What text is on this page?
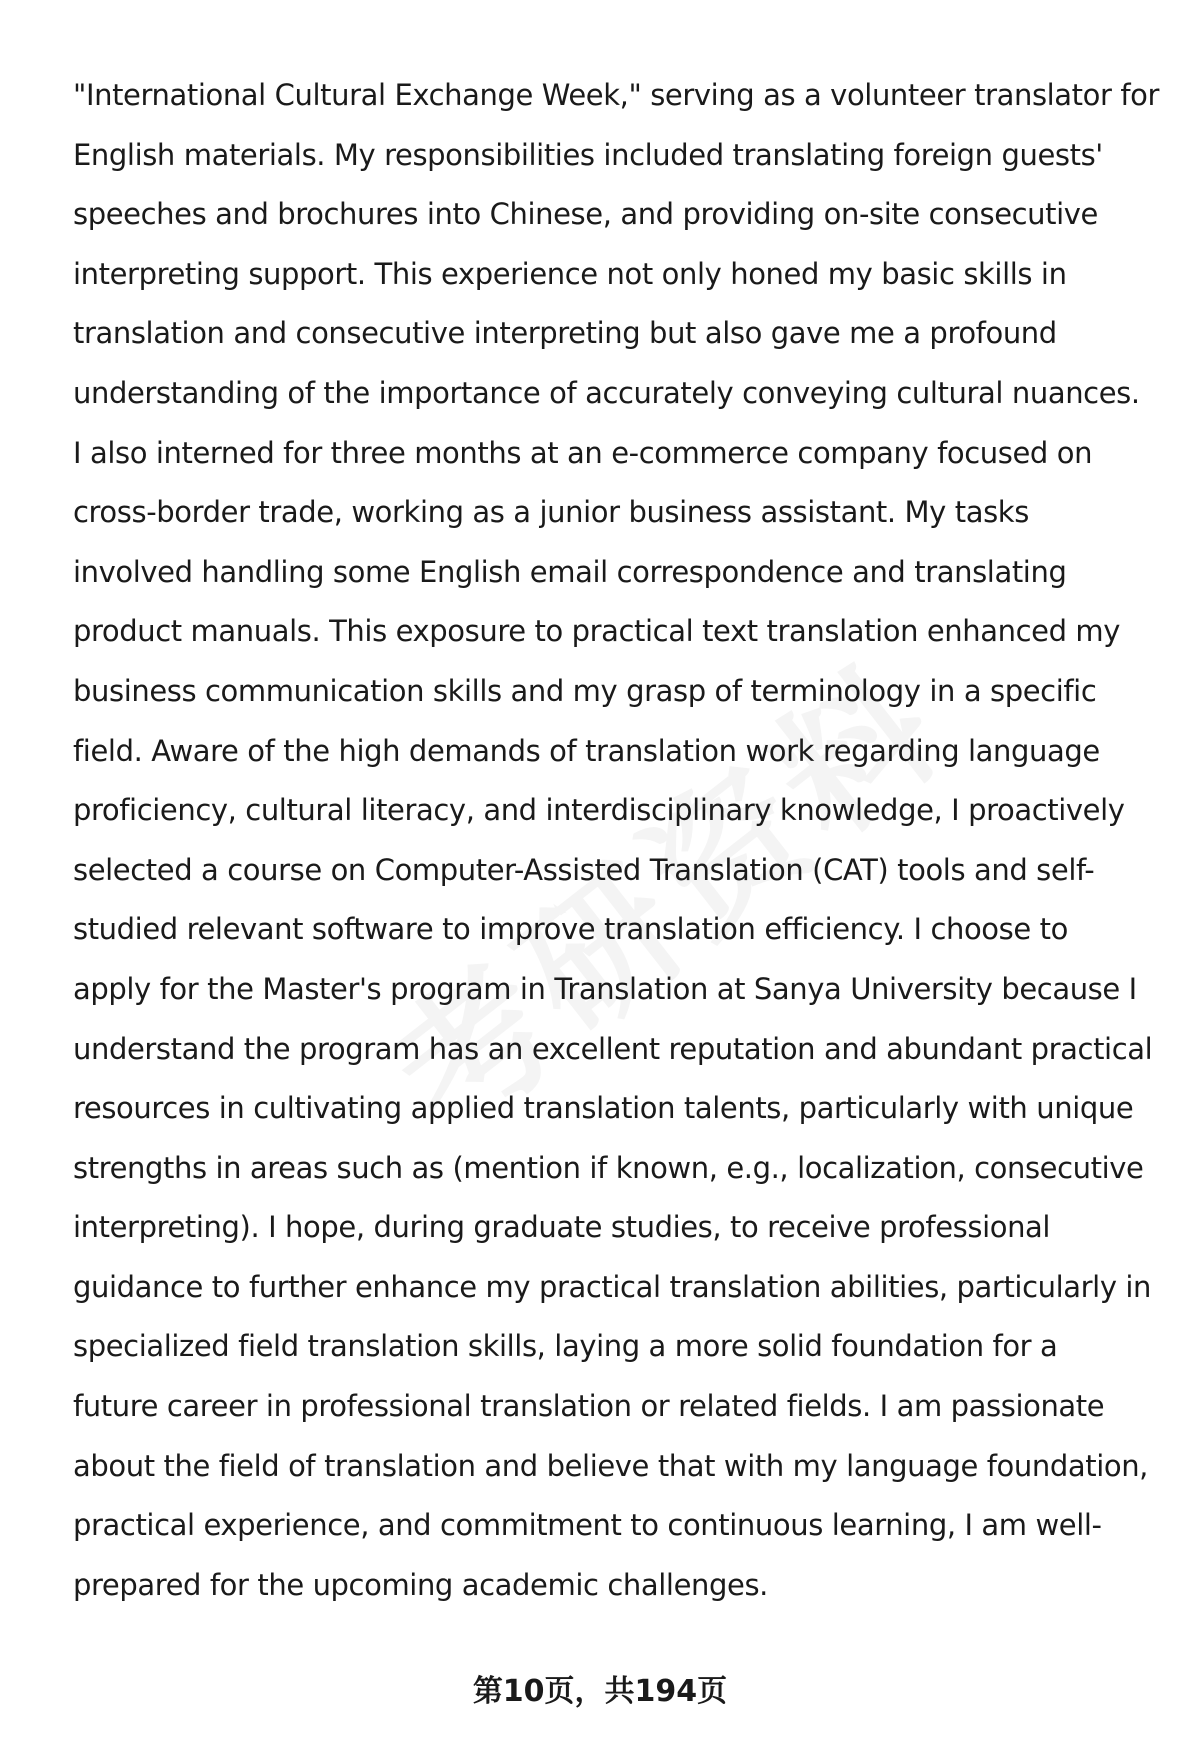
"International Cultural Exchange Week," serving as a volunteer translator for
English materials. My responsibilities included translating foreign guests'
speeches and brochures into Chinese, and providing on-site consecutive
interpreting support. This experience not only honed my basic skills in
translation and consecutive interpreting but also gave me a profound
understanding of the importance of accurately conveying cultural nuances.
I also interned for three months at an e-commerce company focused on
cross-border trade, working as a junior business assistant. My tasks
involved handling some English email correspondence and translating
product manuals. This exposure to practical text translation enhanced my
business communication skills and my grasp of terminology in a specific
field. Aware of the high demands of translation work regarding language
proficiency, cultural literacy, and interdisciplinary knowledge, I proactively
selected a course on Computer-Assisted Translation (CAT) tools and self-
studied relevant software to improve translation efficiency. I choose to
apply for the Master's program in Translation at Sanya University because I
understand the program has an excellent reputation and abundant practical
resources in cultivating applied translation talents, particularly with unique
strengths in areas such as (mention if known, e.g., localization, consecutive
interpreting). I hope, during graduate studies, to receive professional
guidance to further enhance my practical translation abilities, particularly in
specialized field translation skills, laying a more solid foundation for a
future career in professional translation or related fields. I am passionate
about the field of translation and believe that with my language foundation,
practical experience, and commitment to continuous learning, I am well-
prepared for the upcoming academic challenges.
第10页，共194页
